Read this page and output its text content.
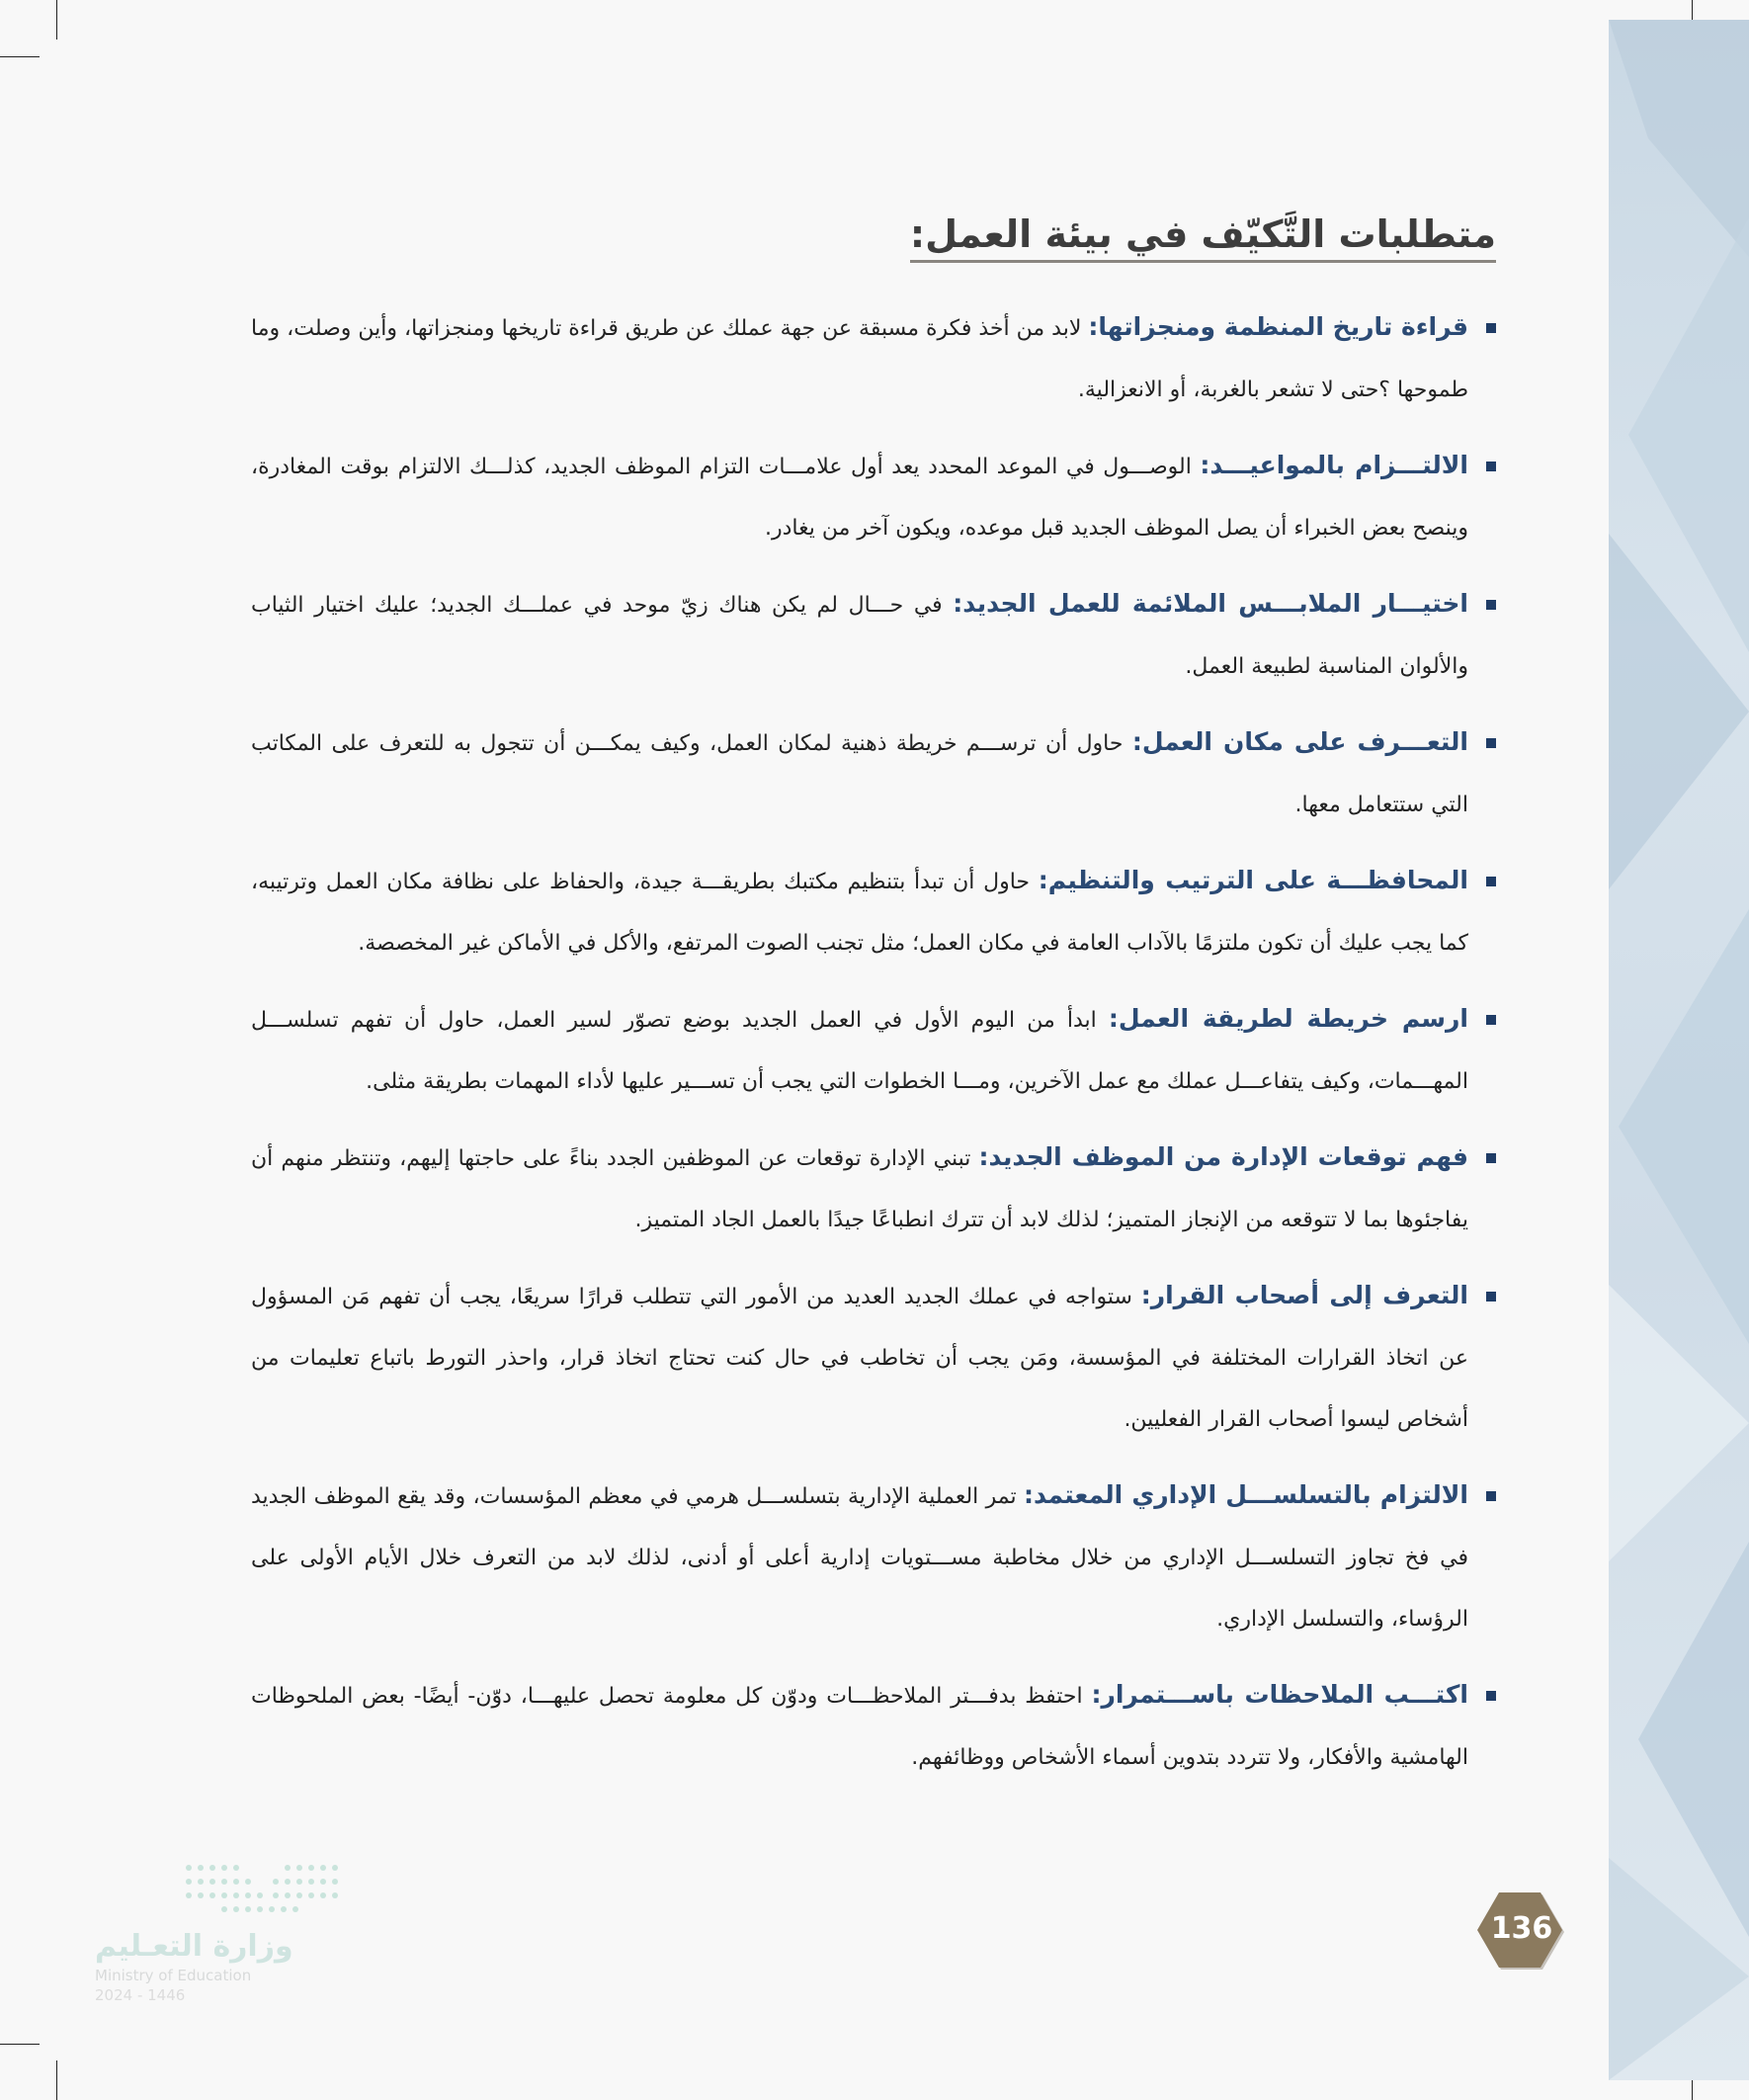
متطلبات التَّكيّف في بيئة العمل:
قراءة تاريخ المنظمة ومنجزاتها: لابد من أخذ فكرة مسبقة عن جهة عملك عن طريق قراءة تاريخها ومنجزاتها، وأين وصلت، وما طموحها ؟حتى لا تشعر بالغربة، أو الانعزالية.
الالتـــزام بالمواعيـــد: الوصـــول في الموعد المحدد يعد أول علامـــات التزام الموظف الجديد، كذلـــك الالتزام بوقت المغادرة، وينصح بعض الخبراء أن يصل الموظف الجديد قبل موعده، ويكون آخر من يغادر.
اختيـــار الملابـــس الملائمة للعمل الجديد: في حـــال لم يكن هناك زيّ موحد في عملـــك الجديد؛ عليك اختيار الثياب والألوان المناسبة لطبيعة العمل.
التعـــرف على مكان العمل: حاول أن ترســـم خريطة ذهنية لمكان العمل، وكيف يمكـــن أن تتجول به للتعرف على المكاتب التي ستتعامل معها.
المحافظـــة على الترتيب والتنظيم: حاول أن تبدأ بتنظيم مكتبك بطريقـــة جيدة، والحفاظ على نظافة مكان العمل وترتيبه، كما يجب عليك أن تكون ملتزمًا بالآداب العامة في مكان العمل؛ مثل تجنب الصوت المرتفع، والأكل في الأماكن غير المخصصة.
ارسم خريطة لطريقة العمل: ابدأ من اليوم الأول في العمل الجديد بوضع تصوّر لسير العمل، حاول أن تفهم تسلســـل المهـــمات، وكيف يتفاعـــل عملك مع عمل الآخرين، ومـــا الخطوات التي يجب أن تســـير عليها لأداء المهمات بطريقة مثلى.
فهم توقعات الإدارة من الموظف الجديد: تبني الإدارة توقعات عن الموظفين الجدد بناءً على حاجتها إليهم، وتنتظر منهم أن يفاجئوها بما لا تتوقعه من الإنجاز المتميز؛ لذلك لابد أن تترك انطباعًا جيدًا بالعمل الجاد المتميز.
التعرف إلى أصحاب القرار: ستواجه في عملك الجديد العديد من الأمور التي تتطلب قرارًا سريعًا، يجب أن تفهم مَن المسؤول عن اتخاذ القرارات المختلفة في المؤسسة، ومَن يجب أن تخاطب في حال كنت تحتاج اتخاذ قرار، واحذر التورط باتباع تعليمات من أشخاص ليسوا أصحاب القرار الفعليين.
الالتزام بالتسلســـل الإداري المعتمد: تمر العملية الإدارية بتسلســـل هرمي في معظم المؤسسات، وقد يقع الموظف الجديد في فخ تجاوز التسلســـل الإداري من خلال مخاطبة مســـتويات إدارية أعلى أو أدنى، لذلك لابد من التعرف خلال الأيام الأولى على الرؤساء، والتسلسل الإداري.
اكتـــب الملاحظات باســـتمرار: احتفظ بدفـــتر الملاحظـــات ودوّن كل معلومة تحصل عليهـــا، دوّن- أيضًا- بعض الملحوظات الهامشية والأفكار، ولا تتردد بتدوين أسماء الأشخاص ووظائفهم.
وزارة التعـليم
Ministry of Education
2024 - 1446
136
